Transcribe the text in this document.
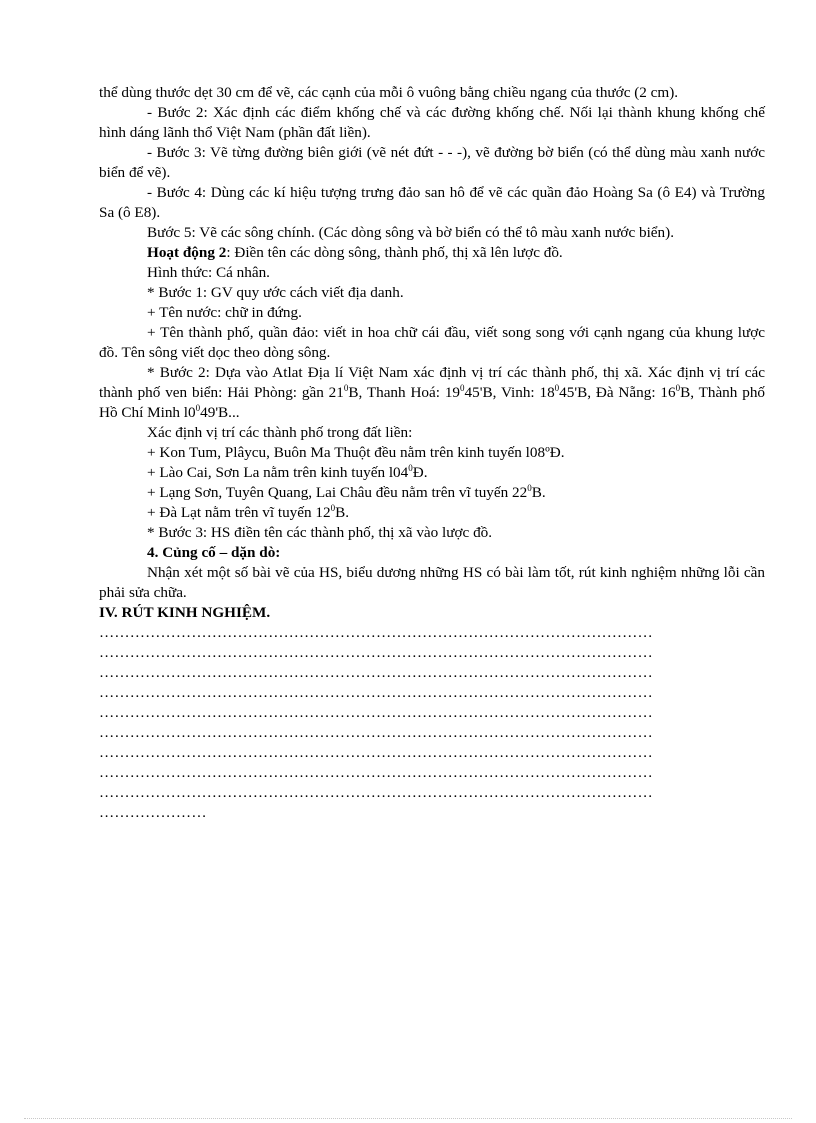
thể dùng thước dẹt 30 cm để vẽ, các cạnh của mỗi ô vuông bằng chiều ngang của thước (2 cm).

- Bước 2: Xác định các điểm khống chế và các đường khống chế. Nối lại thành khung khống chế hình dáng lãnh thổ Việt Nam (phần đất liền).

- Bước 3: Vẽ từng đường biên giới (vẽ nét đứt - - -), vẽ đường bờ biển (có thể dùng màu xanh nước biển để vẽ).

- Bước 4: Dùng các kí hiệu tượng trưng đảo san hô để vẽ các quần đảo Hoàng Sa (ô E4) và Trường Sa (ô E8).

Bước 5: Vẽ các sông chính. (Các dòng sông và bờ biển có thể tô màu xanh nước biển).

Hoạt động 2: Điền tên các dòng sông, thành phố, thị xã lên lược đồ.

Hình thức: Cá nhân.

* Bước 1: GV quy ước cách viết địa danh.

+ Tên nước: chữ in đứng.

+ Tên thành phố, quần đảo: viết in hoa chữ cái đầu, viết song song với cạnh ngang của khung lược đồ. Tên sông viết dọc theo dòng sông.

* Bước 2: Dựa vào Atlat Địa lí Việt Nam xác định vị trí các thành phố, thị xã. Xác định vị trí các thành phố ven biển: Hải Phòng: gần $21^0B$, Thanh Hoá: $19^045'B$, Vinh: $18^045'B$, Đà Nẵng: $16^0B$, Thành phố Hồ Chí Minh $l0^049'B$...

Xác định vị trí các thành phố trong đất liền:

+ Kon Tum, Plâycu, Buôn Ma Thuột đều nằm trên kinh tuyến l08ºĐ.

+ Lào Cai, Sơn La nằm trên kinh tuyến $l04^0Đ$.

+ Lạng Sơn, Tuyên Quang, Lai Châu đều nằm trên vĩ tuyến $22^0B$.

+ Đà Lạt nằm trên vĩ tuyến $12^0B$.

* Bước 3: HS điền tên các thành phố, thị xã vào lược đồ.

4. Củng cố – dặn dò:

Nhận xét một số bài vẽ của HS, biểu dương những HS có bài làm tốt, rút kinh nghiệm những lỗi cần phải sửa chữa.

IV. RÚT KINH NGHIỆM.

………………………………………………………………………………………………

………………………………………………………………………………………………

………………………………………………………………………………………………

………………………………………………………………………………………………

………………………………………………………………………………………………

………………………………………………………………………………………………

………………………………………………………………………………………………

………………………………………………………………………………………………

………………………………………………………………………………………………

…………………
